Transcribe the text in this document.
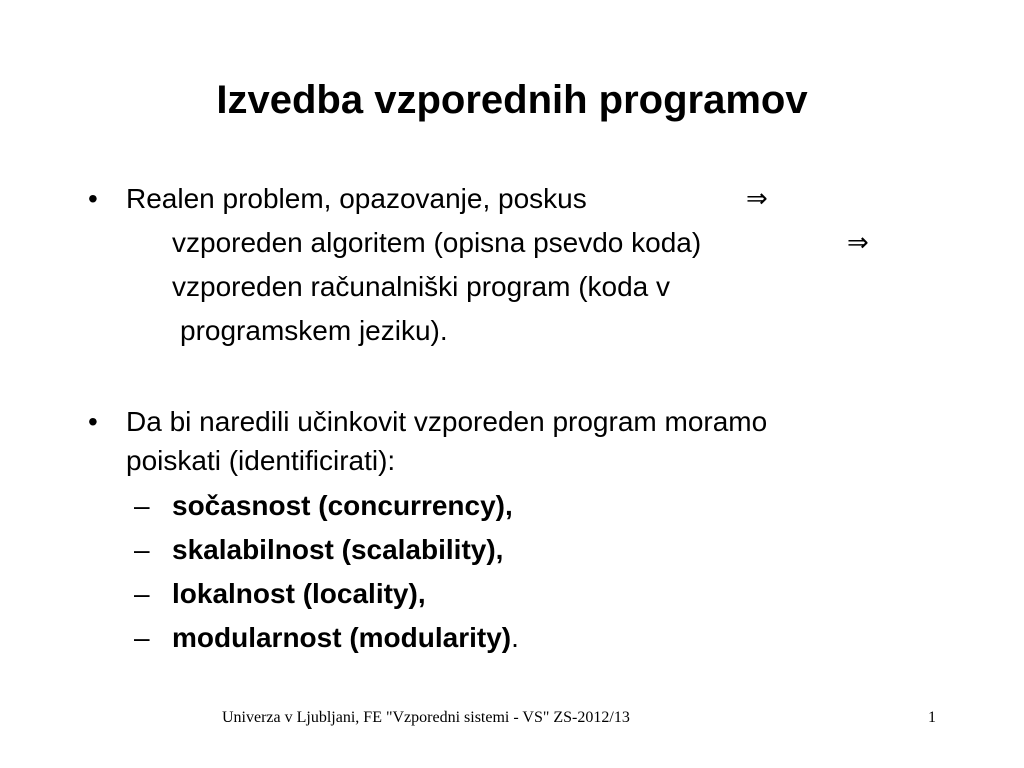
Izvedba vzporednih programov
• Realen problem, opazovanje, poskus	⇒
vzporeden algoritem (opisna psevdo koda)	⇒
vzporeden računalniški program (koda v
programskem jeziku).
• Da bi naredili učinkovit vzporeden program moramo
poiskati (identificirati):
– sočasnost (concurrency),
– skalabilnost (scalability),
– lokalnost (locality),
– modularnost (modularity).
Univerza v Ljubljani, FE "Vzporedni sistemi - VS" ZS-2012/13	1
